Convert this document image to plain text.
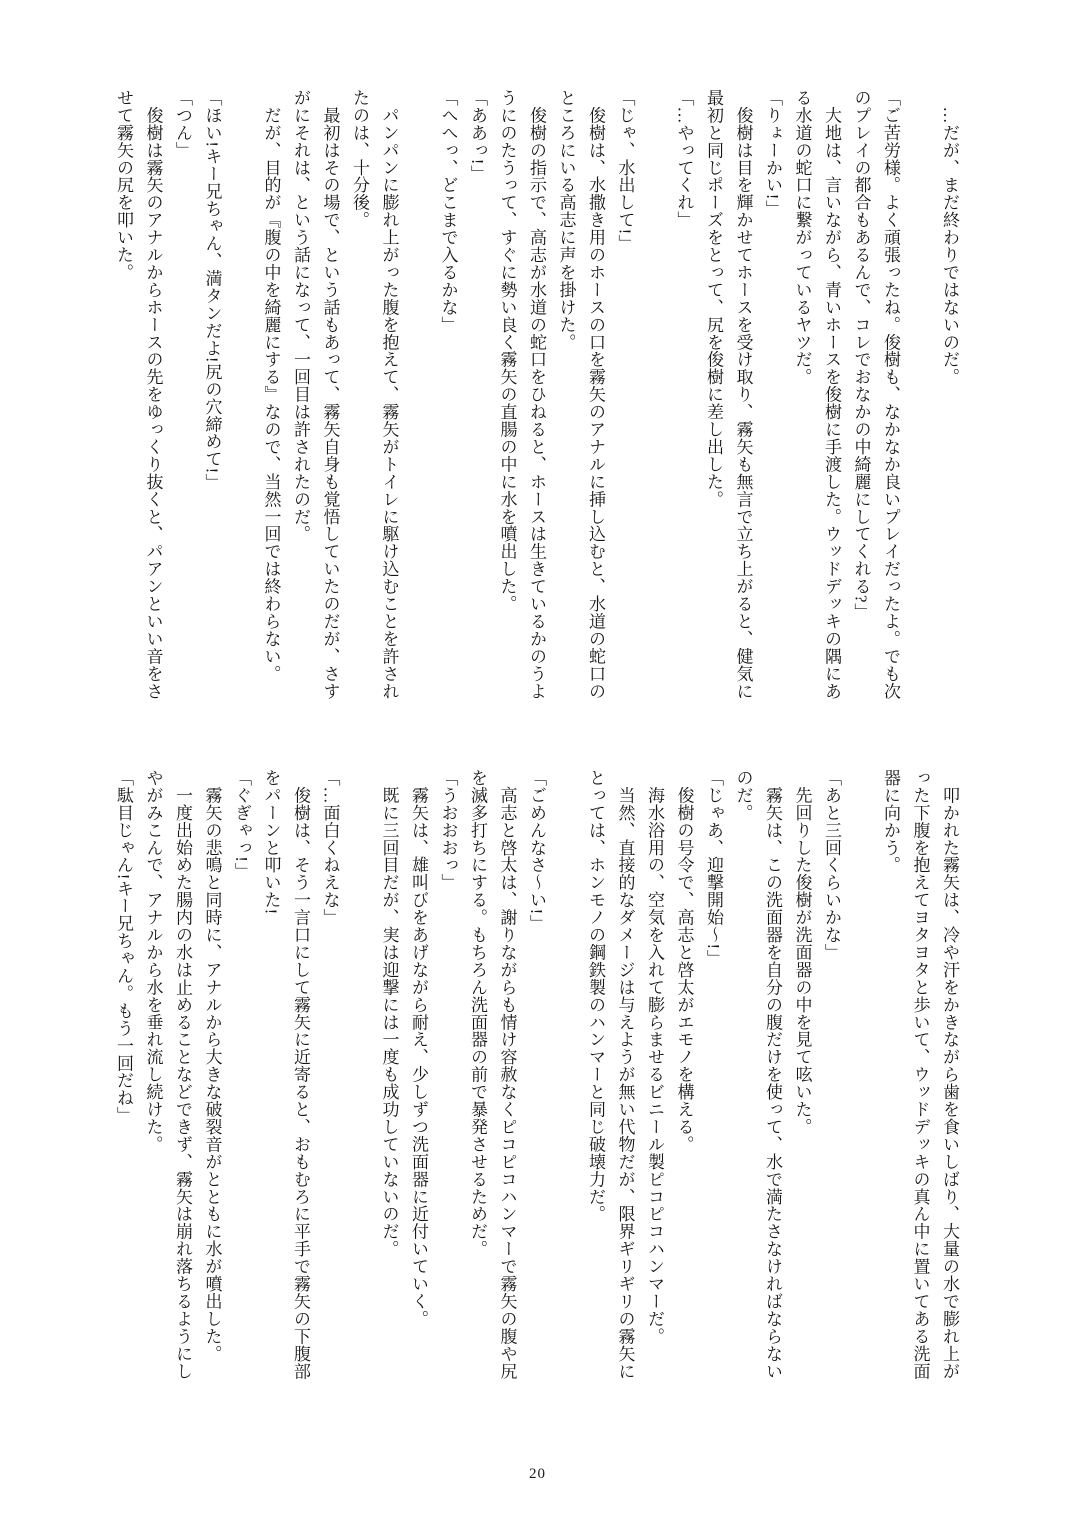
　…だが、まだ終わりではないのだ。

「ご苦労様。よく頑張ったね。俊樹も、なかなか良いプレイだったよ。でも次
のプレイの都合もあるんで、コレでおなかの中綺麗にしてくれる?」
　大地は、言いながら、青いホースを俊樹に手渡した。ウッドデッキの隅にあ
る水道の蛇口に繋がっているヤツだ。
「りょーかい!」
　俊樹は目を輝かせてホースを受け取り、霧矢も無言で立ち上がると、健気に
最初と同じポーズをとって、尻を俊樹に差し出した。
「…やってくれ」

「じゃ、水出して!」
　俊樹は、水撒き用のホースの口を霧矢のアナルに挿し込むと、水道の蛇口の
ところにいる高志に声を掛けた。
　俊樹の指示で、高志が水道の蛇口をひねると、ホースは生きているかのうよ
うにのたうって、すぐに勢い良く霧矢の直腸の中に水を噴出した。
「ああっ!」
「へへっ、どこまで入るかな」

　パンパンに膨れ上がった腹を抱えて、霧矢がトイレに駆け込むことを許され
たのは、十分後。
　最初はその場で、という話もあって、霧矢自身も覚悟していたのだが、さす
がにそれは、という話になって、一回目は許されたのだ。
　だが、目的が『腹の中を綺麗にする』なので、当然一回では終わらない。

「ほい!キー兄ちゃん、満タンだよ!尻の穴締めて!」
「つん」
　俊樹は霧矢のアナルからホースの先をゆっくり抜くと、パアンといい音をさ
せて霧矢の尻を叩いた。
　叩かれた霧矢は、冷や汗をかきながら歯を食いしばり、大量の水で膨れ上が
った下腹を抱えてヨタヨタと歩いて、ウッドデッキの真ん中に置いてある洗面
器に向かう。

「あと三回くらいかな」
　先回りした俊樹が洗面器の中を見て呟いた。
　霧矢は、この洗面器を自分の腹だけを使って、水で満たさなければならない
のだ。
「じゃあ、迎撃開始〜!」
　俊樹の号令で、高志と啓太がエモノを構える。
　海水浴用の、空気を入れて膨らませるビニール製ピコピコハンマーだ。
　当然、直接的なダメージは与えようが無い代物だが、限界ギリギリの霧矢に
とっては、ホンモノの鋼鉄製のハンマーと同じ破壊力だ。

「ごめんなさ〜い!」
　高志と啓太は、謝りながらも情け容赦なくピコピコハンマーで霧矢の腹や尻
を滅多打ちにする。もちろん洗面器の前で暴発させるためだ。
「うおおおっ」
　霧矢は、雄叫びをあげながら耐え、少しずつ洗面器に近付いていく。
　既に三回目だが、実は迎撃には一度も成功していないのだ。

「…面白くねえな」
　俊樹は、そう一言口にして霧矢に近寄ると、おもむろに平手で霧矢の下腹部
をパーンと叩いた!
「ぐぎゃっ!」
　霧矢の悲鳴と同時に、アナルから大きな破裂音がとともに水が噴出した。
　一度出始めた腸内の水は止めることなどできず、霧矢は崩れ落ちるようにし
やがみこんで、アナルから水を垂れ流し続けた。
「駄目じゃん!キー兄ちゃん。もう一回だね」
20
